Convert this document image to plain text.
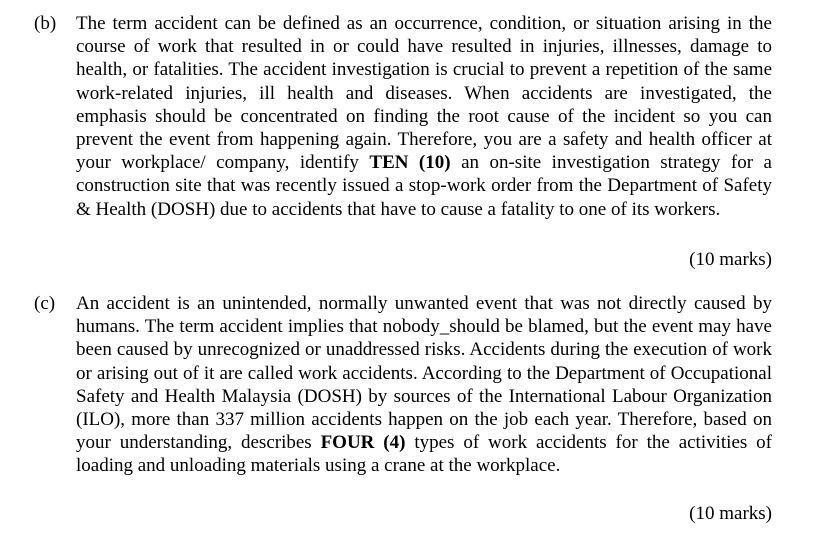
(b) The term accident can be defined as an occurrence, condition, or situation arising in the course of work that resulted in or could have resulted in injuries, illnesses, damage to health, or fatalities. The accident investigation is crucial to prevent a repetition of the same work-related injuries, ill health and diseases. When accidents are investigated, the emphasis should be concentrated on finding the root cause of the incident so you can prevent the event from happening again. Therefore, you are a safety and health officer at your workplace/ company, identify TEN (10) an on-site investigation strategy for a construction site that was recently issued a stop-work order from the Department of Safety & Health (DOSH) due to accidents that have to cause a fatality to one of its workers.
(10 marks)
(c) An accident is an unintended, normally unwanted event that was not directly caused by humans. The term accident implies that nobody_should be blamed, but the event may have been caused by unrecognized or unaddressed risks. Accidents during the execution of work or arising out of it are called work accidents. According to the Department of Occupational Safety and Health Malaysia (DOSH) by sources of the International Labour Organization (ILO), more than 337 million accidents happen on the job each year. Therefore, based on your understanding, describes FOUR (4) types of work accidents for the activities of loading and unloading materials using a crane at the workplace.
(10 marks)
